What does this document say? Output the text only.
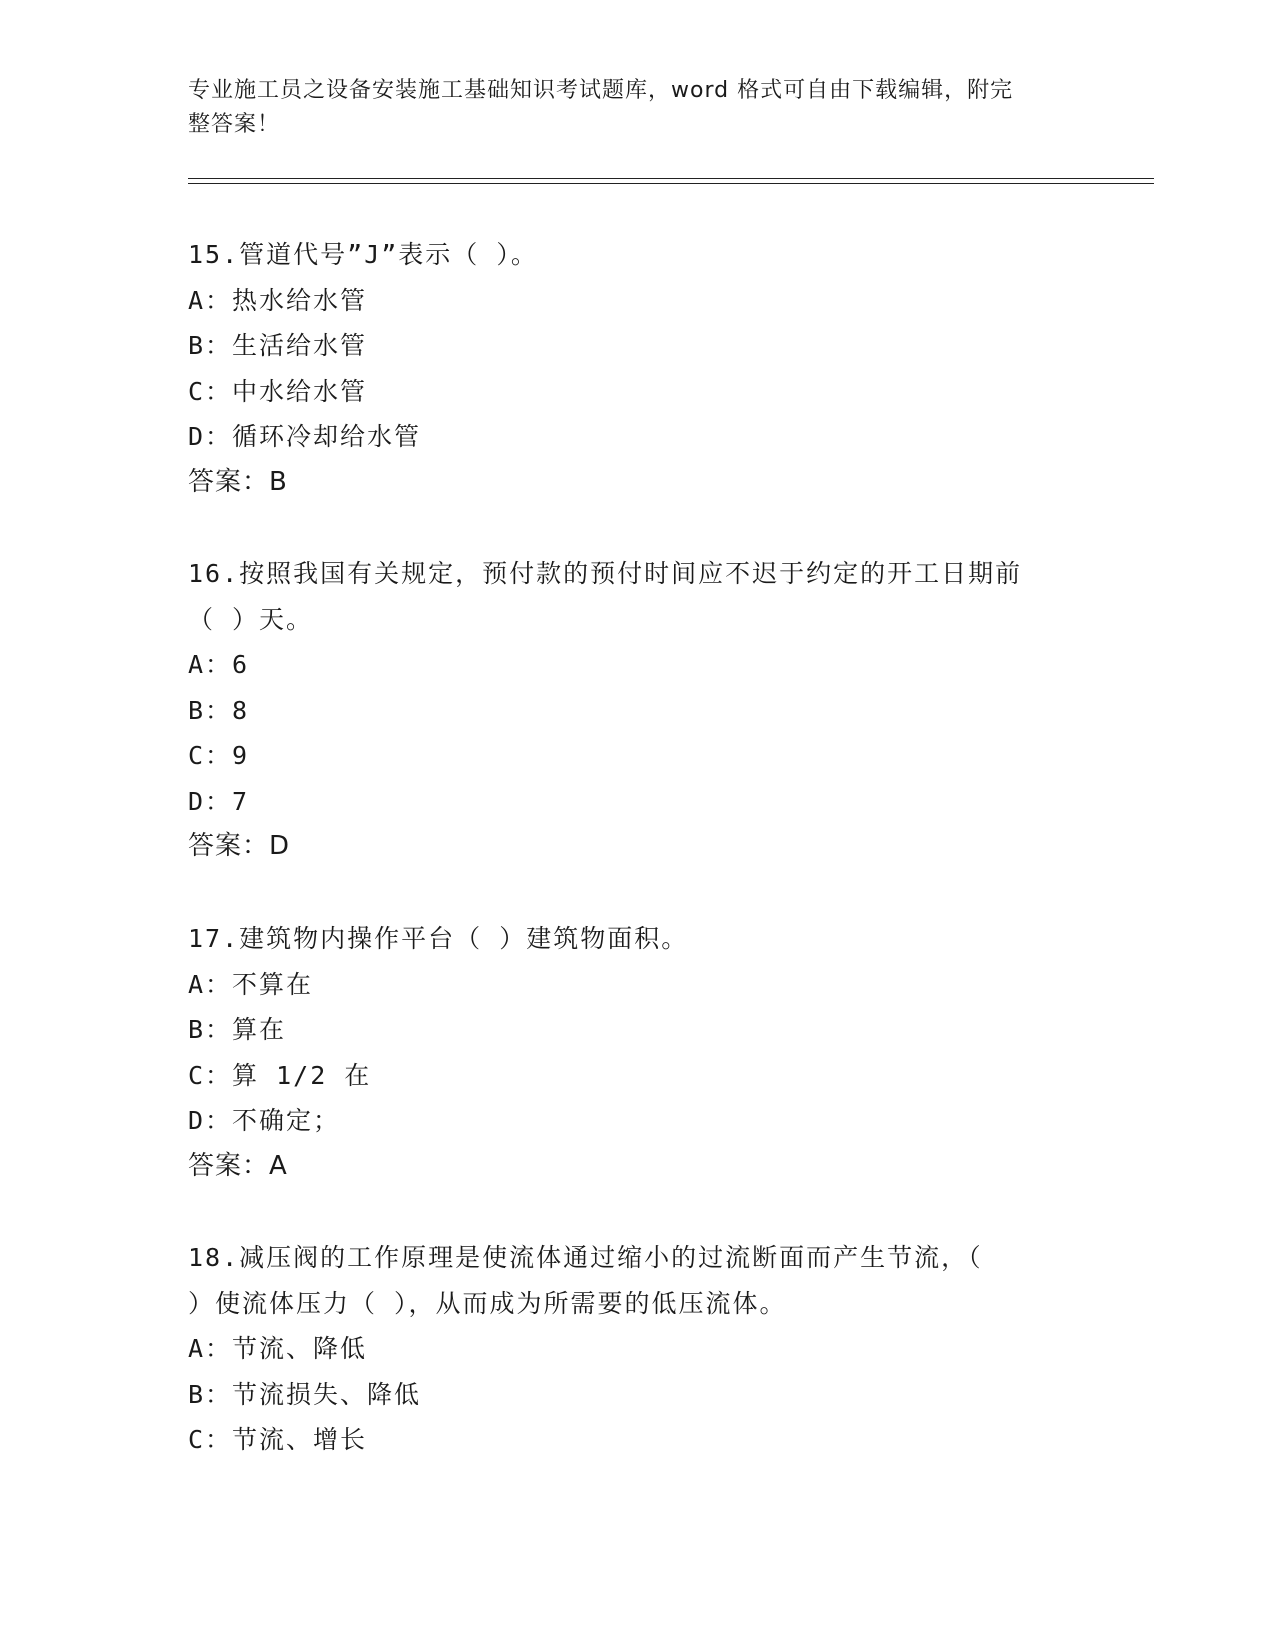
专业施工员之设备安装施工基础知识考试题库，word 格式可自由下载编辑，附完
整答案！
15.管道代号”J”表示（ ）。
A：热水给水管
B：生活给水管
C：中水给水管
D：循环冷却给水管
答案：B
16.按照我国有关规定，预付款的预付时间应不迟于约定的开工日期前
（ ）天。
A：6
B：8
C：9
D：7
答案：D
17.建筑物内操作平台（ ）建筑物面积。
A：不算在
B：算在
C：算 1/2 在
D：不确定；
答案：A
18.减压阀的工作原理是使流体通过缩小的过流断面而产生节流，（
）使流体压力（ ），从而成为所需要的低压流体。
A：节流、降低
B：节流损失、降低
C：节流、增长
